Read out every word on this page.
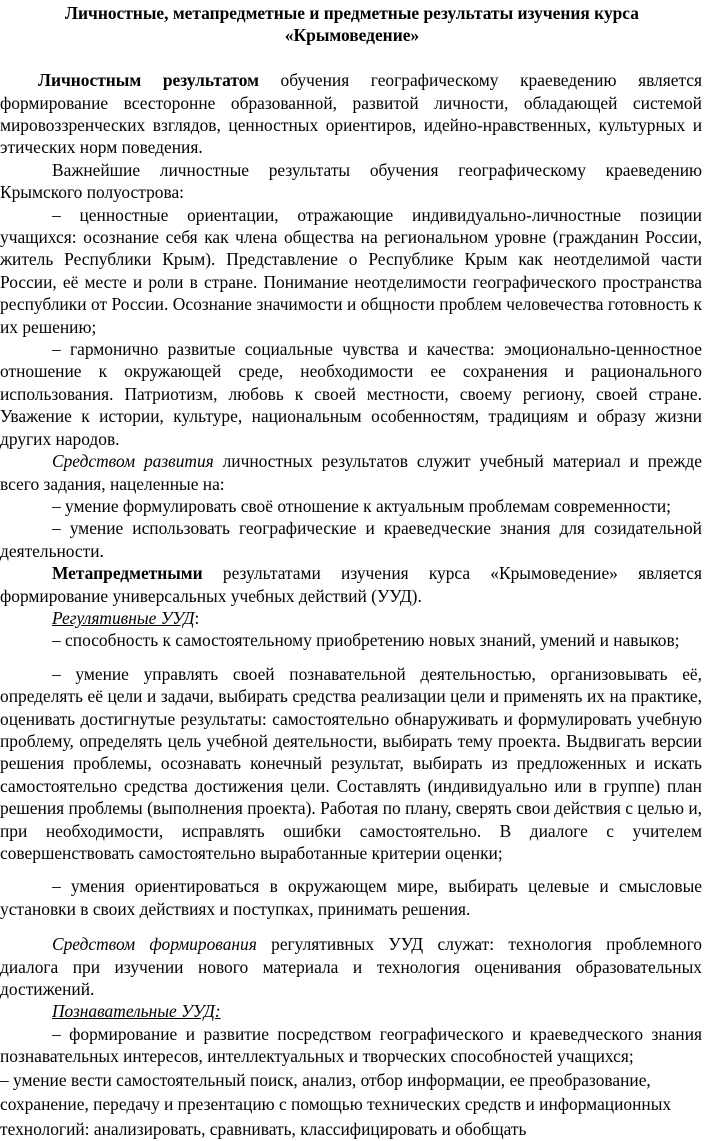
Личностные, метапредметные и предметные результаты изучения курса
«Крымоведение»

Личностным результатом обучения географическому краеведению является формирование всесторонне образованной, развитой личности, обладающей системой мировоззренческих взглядов, ценностных ориентиров, идейно-нравственных, культурных и этических норм поведения.

Важнейшие личностные результаты обучения географическому краеведению Крымского полуострова:

– ценностные ориентации, отражающие индивидуально-личностные позиции учащихся: осознание себя как члена общества на региональном уровне (гражданин России, житель Республики Крым). Представление о Республике Крым как неотделимой части России, её месте и роли в стране. Понимание неотделимости географического пространства республики от России. Осознание значимости и общности проблем человечества готовность к их решению;

– гармонично развитые социальные чувства и качества: эмоционально-ценностное отношение к окружающей среде, необходимости ее сохранения и рационального использования. Патриотизм, любовь к своей местности, своему региону, своей стране. Уважение к истории, культуре, национальным особенностям, традициям и образу жизни других народов.

Средством развития личностных результатов служит учебный материал и прежде всего задания, нацеленные на:

– умение формулировать своё отношение к актуальным проблемам современности;

– умение использовать географические и краеведческие знания для созидательной деятельности.

Метапредметными результатами изучения курса «Крымоведение» является формирование универсальных учебных действий (УУД).

Регулятивные УУД:

– способность к самостоятельному приобретению новых знаний, умений и навыков;

– умение управлять своей познавательной деятельностью, организовывать её, определять её цели и задачи, выбирать средства реализации цели и применять их на практике, оценивать достигнутые результаты: самостоятельно обнаруживать и формулировать учебную проблему, определять цель учебной деятельности, выбирать тему проекта. Выдвигать версии решения проблемы, осознавать конечный результат, выбирать из предложенных и искать самостоятельно средства достижения цели. Составлять (индивидуально или в группе) план решения проблемы (выполнения проекта). Работая по плану, сверять свои действия с целью и, при необходимости, исправлять ошибки самостоятельно. В диалоге с учителем совершенствовать самостоятельно выработанные критерии оценки;

– умения ориентироваться в окружающем мире, выбирать целевые и смысловые установки в своих действиях и поступках, принимать решения.

Средством формирования регулятивных УУД служат: технология проблемного диалога при изучении нового материала и технология оценивания образовательных достижений.

Познавательные УУД:

– формирование и развитие посредством географического и краеведческого знания познавательных интересов, интеллектуальных и творческих способностей учащихся;

– умение вести самостоятельный поиск, анализ, отбор информации, ее преобразование,
сохранение, передачу и презентацию с помощью технических средств и информационных
технологий: анализировать, сравнивать, классифицировать и обобщать
